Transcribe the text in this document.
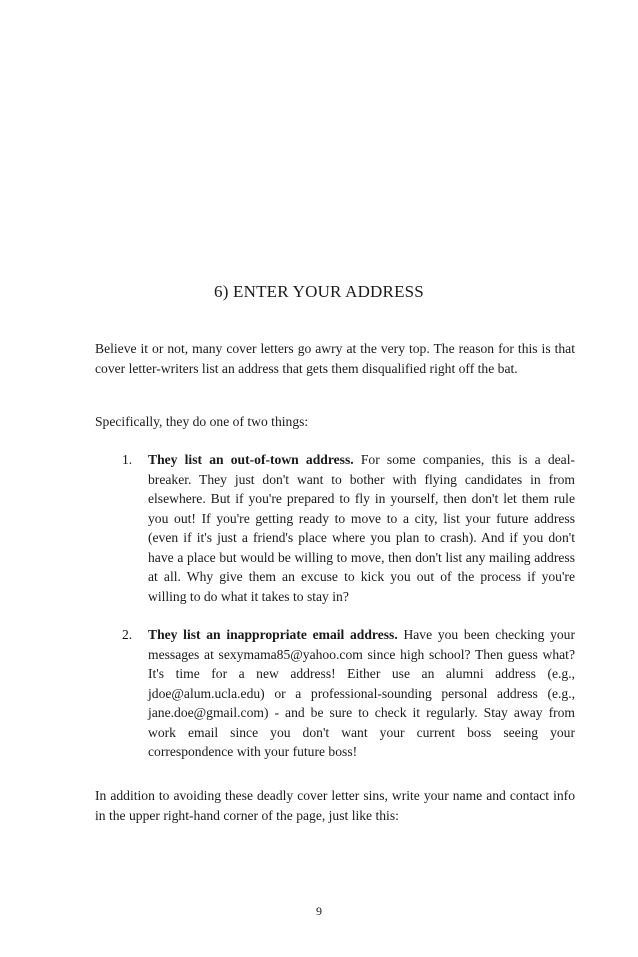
6) ENTER YOUR ADDRESS

Believe it or not, many cover letters go awry at the very top. The reason for this is that cover letter-writers list an address that gets them disqualified right off the bat.

Specifically, they do one of two things:

1.	They list an out-of-town address. For some companies, this is a deal-breaker. They just don't want to bother with flying candidates in from elsewhere. But if you're prepared to fly in yourself, then don't let them rule you out! If you're getting ready to move to a city, list your future address (even if it's just a friend's place where you plan to crash). And if you don't have a place but would be willing to move, then don't list any mailing address at all. Why give them an excuse to kick you out of the process if you're willing to do what it takes to stay in?
2.	They list an inappropriate email address. Have you been checking your messages at sexymama85@yahoo.com since high school? Then guess what? It's time for a new address! Either use an alumni address (e.g., jdoe@alum.ucla.edu) or a professional-sounding personal address (e.g., jane.doe@gmail.com) - and be sure to check it regularly. Stay away from work email since you don't want your current boss seeing your correspondence with your future boss!

In addition to avoiding these deadly cover letter sins, write your name and contact info in the upper right-hand corner of the page, just like this:

9
